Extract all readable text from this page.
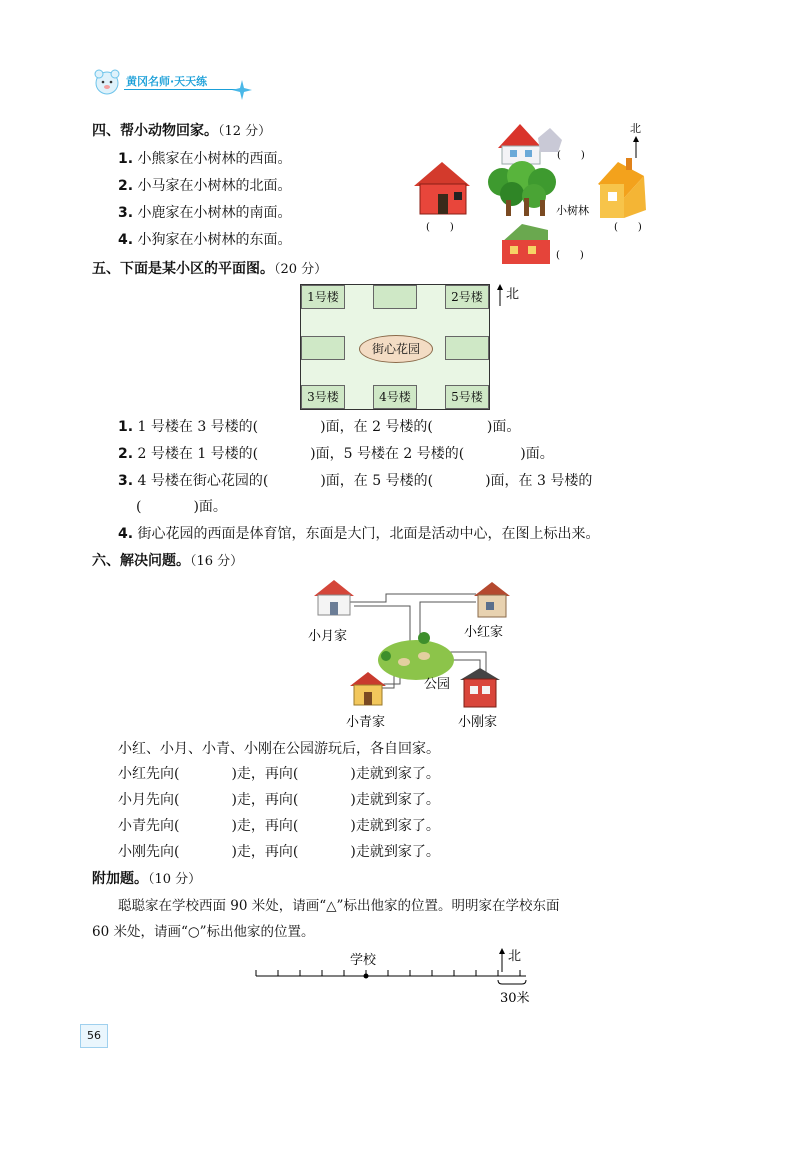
黄冈名师·天天练
四、帮小动物回家。（12 分）
1. 小熊家在小树林的西面。
2. 小马家在小树林的北面。
3. 小鹿家在小树林的南面。
4. 小狗家在小树林的东面。
北
小树林
(　　)
(　　)	(　　)
(　　)
五、下面是某小区的平面图。（20 分）
1号楼	2号楼
街心花园
3号楼	4号楼	5号楼
北
1. 1 号楼在 3 号楼的(	)面，在 2 号楼的(	)面。
2. 2 号楼在 1 号楼的(	)面，5 号楼在 2 号楼的(	)面。
3. 4 号楼在街心花园的(	)面，在 5 号楼的(	)面，在 3 号楼的
(	)面。
4. 街心花园的西面是体育馆，东面是大门，北面是活动中心，在图上标出来。
六、解决问题。（16 分）
小月家	小红家
公园
小青家	小刚家
小红、小月、小青、小刚在公园游玩后，各自回家。
小红先向(	)走，再向(	)走就到家了。
小月先向(	)走，再向(	)走就到家了。
小青先向(	)走，再向(	)走就到家了。
小刚先向(	)走，再向(	)走就到家了。
附加题。（10 分）
聪聪家在学校西面 90 米处，请画“△”标出他家的位置。明明家在学校东面
60 米处，请画“○”标出他家的位置。
学校	北
30米
56
